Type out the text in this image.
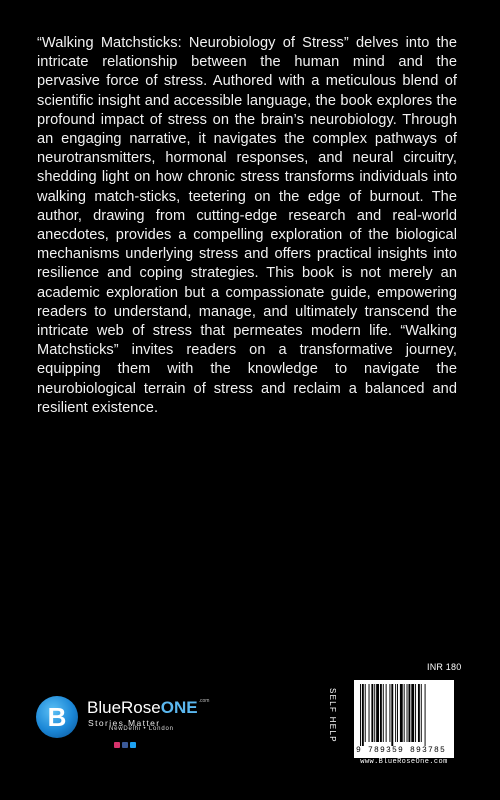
“Walking Matchsticks: Neurobiology of Stress” delves into the intricate relationship between the human mind and the pervasive force of stress. Authored with a meticulous blend of scientific insight and accessible language, the book explores the profound impact of stress on the brain’s neurobiology. Through an engaging narrative, it navigates the complex pathways of neurotransmitters, hormonal responses, and neural circuitry, shedding light on how chronic stress transforms individuals into walking match-sticks, teetering on the edge of burnout. The author, drawing from cutting-edge research and real-world anecdotes, provides a compelling exploration of the biological mechanisms underlying stress and offers practical insights into resilience and coping strategies. This book is not merely an academic exploration but a compassionate guide, empowering readers to understand, manage, and ultimately transcend the intricate web of stress that permeates modern life. “Walking Matchsticks” invites readers on a transformative journey, equipping them with the knowledge to navigate the neurobiological terrain of stress and reclaim a balanced and resilient existence.

B	BlueRoseONE$^{.com}$
Stories Matter
NewDelhi • London
INR 180
SELF HELP
9 789359 893785
www.BlueRoseOne.com
